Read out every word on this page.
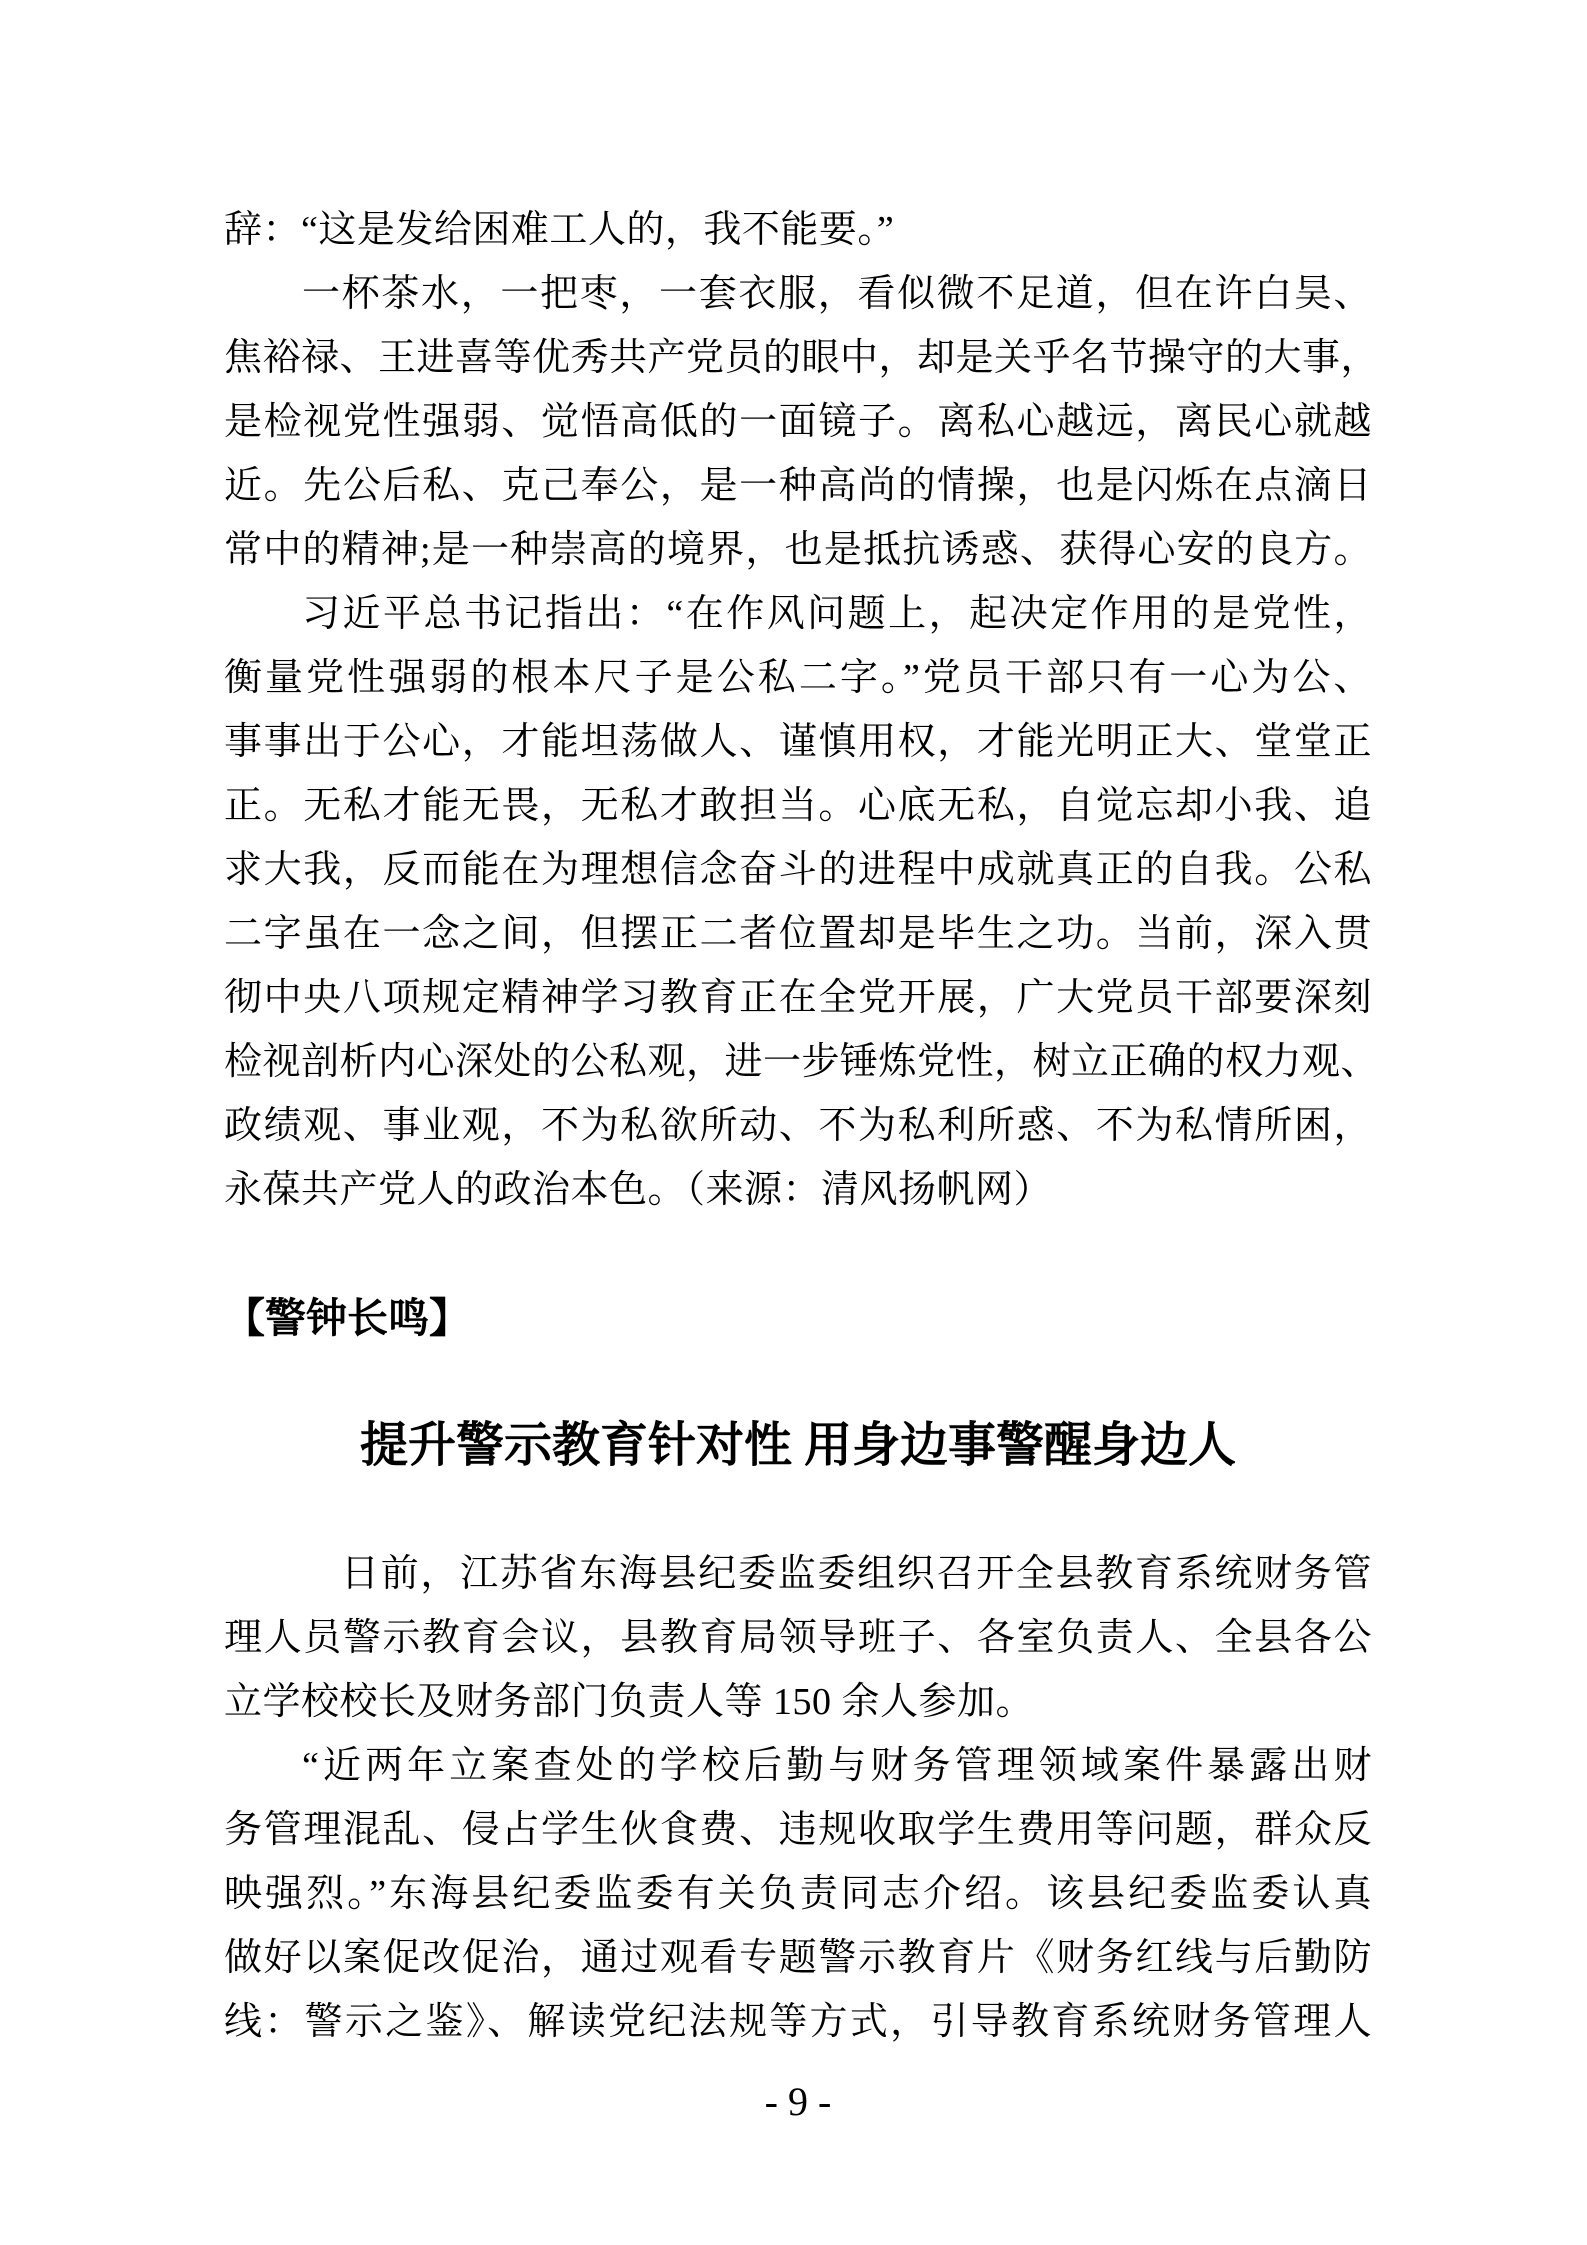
辞：“这是发给困难工人的，我不能要。”
一杯茶水，一把枣，一套衣服，看似微不足道，但在许白昊、
焦裕禄、王进喜等优秀共产党员的眼中，却是关乎名节操守的大事，
是检视党性强弱、觉悟高低的一面镜子。离私心越远，离民心就越
近。先公后私、克己奉公，是一种高尚的情操，也是闪烁在点滴日
常中的精神;是一种崇高的境界，也是抵抗诱惑、获得心安的良方。
习近平总书记指出：“在作风问题上，起决定作用的是党性，
衡量党性强弱的根本尺子是公私二字。”党员干部只有一心为公、
事事出于公心，才能坦荡做人、谨慎用权，才能光明正大、堂堂正
正。无私才能无畏，无私才敢担当。心底无私，自觉忘却小我、追
求大我，反而能在为理想信念奋斗的进程中成就真正的自我。公私
二字虽在一念之间，但摆正二者位置却是毕生之功。当前，深入贯
彻中央八项规定精神学习教育正在全党开展，广大党员干部要深刻
检视剖析内心深处的公私观，进一步锤炼党性，树立正确的权力观、
政绩观、事业观，不为私欲所动、不为私利所惑、不为私情所困，
永葆共产党人的政治本色。（来源：清风扬帆网）
【警钟长鸣】
提升警示教育针对性 用身边事警醒身边人
日前，江苏省东海县纪委监委组织召开全县教育系统财务管
理人员警示教育会议，县教育局领导班子、各室负责人、全县各公
立学校校长及财务部门负责人等 150 余人参加。
“近两年立案查处的学校后勤与财务管理领域案件暴露出财
务管理混乱、侵占学生伙食费、违规收取学生费用等问题，群众反
映强烈。”东海县纪委监委有关负责同志介绍。该县纪委监委认真
做好以案促改促治，通过观看专题警示教育片《财务红线与后勤防
线：警示之鉴》、解读党纪法规等方式，引导教育系统财务管理人
- 9 -
